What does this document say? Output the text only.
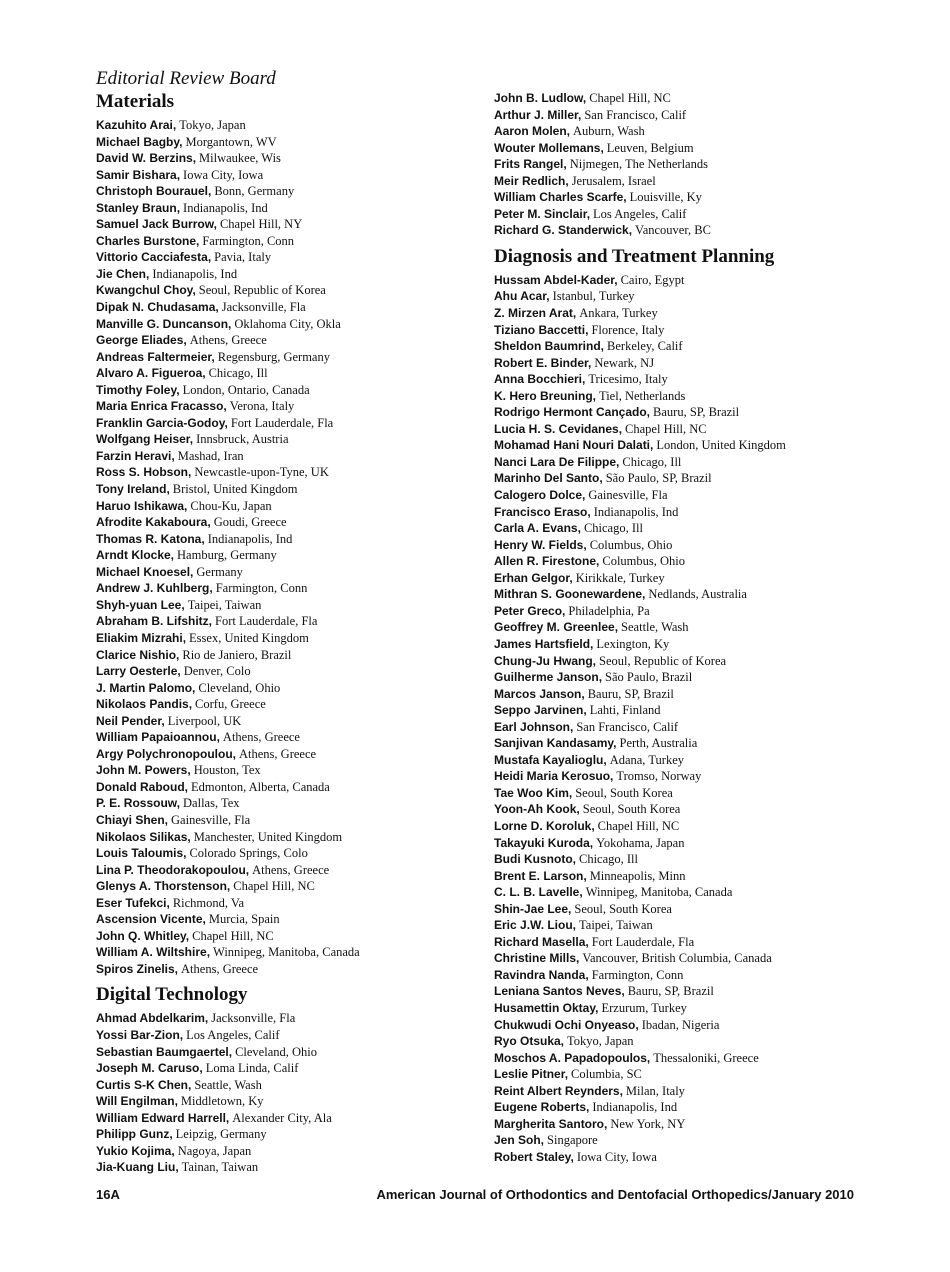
Editorial Review Board
Materials
Kazuhito Arai, Tokyo, Japan
Michael Bagby, Morgantown, WV
David W. Berzins, Milwaukee, Wis
Samir Bishara, Iowa City, Iowa
Christoph Bourauel, Bonn, Germany
Stanley Braun, Indianapolis, Ind
Samuel Jack Burrow, Chapel Hill, NY
Charles Burstone, Farmington, Conn
Vittorio Cacciafesta, Pavia, Italy
Jie Chen, Indianapolis, Ind
Kwangchul Choy, Seoul, Republic of Korea
Dipak N. Chudasama, Jacksonville, Fla
Manville G. Duncanson, Oklahoma City, Okla
George Eliades, Athens, Greece
Andreas Faltermeier, Regensburg, Germany
Alvaro A. Figueroa, Chicago, Ill
Timothy Foley, London, Ontario, Canada
Maria Enrica Fracasso, Verona, Italy
Franklin Garcia-Godoy, Fort Lauderdale, Fla
Wolfgang Heiser, Innsbruck, Austria
Farzin Heravi, Mashad, Iran
Ross S. Hobson, Newcastle-upon-Tyne, UK
Tony Ireland, Bristol, United Kingdom
Haruo Ishikawa, Chou-Ku, Japan
Afrodite Kakaboura, Goudi, Greece
Thomas R. Katona, Indianapolis, Ind
Arndt Klocke, Hamburg, Germany
Michael Knoesel, Germany
Andrew J. Kuhlberg, Farmington, Conn
Shyh-yuan Lee, Taipei, Taiwan
Abraham B. Lifshitz, Fort Lauderdale, Fla
Eliakim Mizrahi, Essex, United Kingdom
Clarice Nishio, Rio de Janiero, Brazil
Larry Oesterle, Denver, Colo
J. Martin Palomo, Cleveland, Ohio
Nikolaos Pandis, Corfu, Greece
Neil Pender, Liverpool, UK
William Papaioannou, Athens, Greece
Argy Polychronopoulou, Athens, Greece
John M. Powers, Houston, Tex
Donald Raboud, Edmonton, Alberta, Canada
P. E. Rossouw, Dallas, Tex
Chiayi Shen, Gainesville, Fla
Nikolaos Silikas, Manchester, United Kingdom
Louis Taloumis, Colorado Springs, Colo
Lina P. Theodorakopoulou, Athens, Greece
Glenys A. Thorstenson, Chapel Hill, NC
Eser Tufekci, Richmond, Va
Ascension Vicente, Murcia, Spain
John Q. Whitley, Chapel Hill, NC
William A. Wiltshire, Winnipeg, Manitoba, Canada
Spiros Zinelis, Athens, Greece
Digital Technology
Ahmad Abdelkarim, Jacksonville, Fla
Yossi Bar-Zion, Los Angeles, Calif
Sebastian Baumgaertel, Cleveland, Ohio
Joseph M. Caruso, Loma Linda, Calif
Curtis S-K Chen, Seattle, Wash
Will Engilman, Middletown, Ky
William Edward Harrell, Alexander City, Ala
Philipp Gunz, Leipzig, Germany
Yukio Kojima, Nagoya, Japan
Jia-Kuang Liu, Tainan, Taiwan
John B. Ludlow, Chapel Hill, NC
Arthur J. Miller, San Francisco, Calif
Aaron Molen, Auburn, Wash
Wouter Mollemans, Leuven, Belgium
Frits Rangel, Nijmegen, The Netherlands
Meir Redlich, Jerusalem, Israel
William Charles Scarfe, Louisville, Ky
Peter M. Sinclair, Los Angeles, Calif
Richard G. Standerwick, Vancouver, BC
Diagnosis and Treatment Planning
Hussam Abdel-Kader, Cairo, Egypt
Ahu Acar, Istanbul, Turkey
Z. Mirzen Arat, Ankara, Turkey
Tiziano Baccetti, Florence, Italy
Sheldon Baumrind, Berkeley, Calif
Robert E. Binder, Newark, NJ
Anna Bocchieri, Tricesimo, Italy
K. Hero Breuning, Tiel, Netherlands
Rodrigo Hermont Cançado, Bauru, SP, Brazil
Lucia H. S. Cevidanes, Chapel Hill, NC
Mohamad Hani Nouri Dalati, London, United Kingdom
Nanci Lara De Filippe, Chicago, Ill
Marinho Del Santo, São Paulo, SP, Brazil
Calogero Dolce, Gainesville, Fla
Francisco Eraso, Indianapolis, Ind
Carla A. Evans, Chicago, Ill
Henry W. Fields, Columbus, Ohio
Allen R. Firestone, Columbus, Ohio
Erhan Gelgor, Kirikkale, Turkey
Mithran S. Goonewardene, Nedlands, Australia
Peter Greco, Philadelphia, Pa
Geoffrey M. Greenlee, Seattle, Wash
James Hartsfield, Lexington, Ky
Chung-Ju Hwang, Seoul, Republic of Korea
Guilherme Janson, São Paulo, Brazil
Marcos Janson, Bauru, SP, Brazil
Seppo Jarvinen, Lahti, Finland
Earl Johnson, San Francisco, Calif
Sanjivan Kandasamy, Perth, Australia
Mustafa Kayalioglu, Adana, Turkey
Heidi Maria Kerosuo, Tromso, Norway
Tae Woo Kim, Seoul, South Korea
Yoon-Ah Kook, Seoul, South Korea
Lorne D. Koroluk, Chapel Hill, NC
Takayuki Kuroda, Yokohama, Japan
Budi Kusnoto, Chicago, Ill
Brent E. Larson, Minneapolis, Minn
C. L. B. Lavelle, Winnipeg, Manitoba, Canada
Shin-Jae Lee, Seoul, South Korea
Eric J.W. Liou, Taipei, Taiwan
Richard Masella, Fort Lauderdale, Fla
Christine Mills, Vancouver, British Columbia, Canada
Ravindra Nanda, Farmington, Conn
Leniana Santos Neves, Bauru, SP, Brazil
Husamettin Oktay, Erzurum, Turkey
Chukwudi Ochi Onyeaso, Ibadan, Nigeria
Ryo Otsuka, Tokyo, Japan
Moschos A. Papadopoulos, Thessaloniki, Greece
Leslie Pitner, Columbia, SC
Reint Albert Reynders, Milan, Italy
Eugene Roberts, Indianapolis, Ind
Margherita Santoro, New York, NY
Jen Soh, Singapore
Robert Staley, Iowa City, Iowa
16A	American Journal of Orthodontics and Dentofacial Orthopedics/January 2010
